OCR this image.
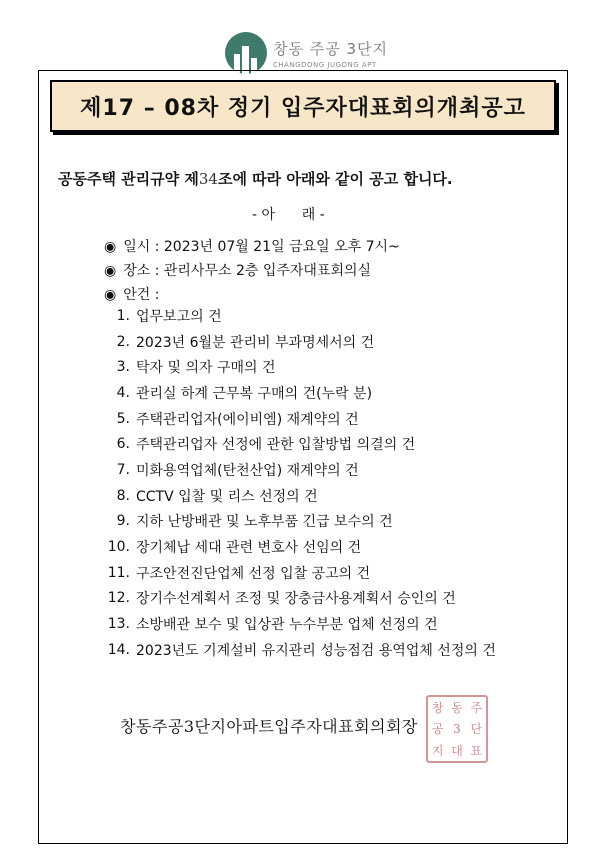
창동 주공 3단지
CHANGDONG JUGONG APT
제17 – 08차 정기 입주자대표회의개최공고
공동주택 관리규약 제34조에 따라 아래와 같이 공고 합니다.
- 아      래 -
◉ 일시 : 2023년 07월 21일 금요일 오후 7시~
◉ 장소 : 관리사무소 2층 입주자대표회의실
◉ 안건 :
1. 업무보고의 건
2. 2023년 6월분 관리비 부과명세서의 건
3. 탁자 및 의자 구매의 건
4. 관리실 하계 근무복 구매의 건(누락 분)
5. 주택관리업자(에이비엠) 재계약의 건
6. 주택관리업자 선정에 관한 입찰방법 의결의 건
7. 미화용역업체(탄천산업) 재계약의 건
8. CCTV 입찰 및 리스 선정의 건
9. 지하 난방배관 및 노후부품 긴급 보수의 건
10. 장기체납 세대 관련 변호사 선임의 건
11. 구조안전진단업체 선정 입찰 공고의 건
12. 장기수선계획서 조정 및 장충금사용계획서 승인의 건
13. 소방배관 보수 및 입상관 누수부분 업체 선정의 건
14. 2023년도 기계설비 유지관리 성능점검 용역업체 선정의 건
창동주공3단지아파트입주자대표회의회장
창 동 주
공 3 단
지 대 표
